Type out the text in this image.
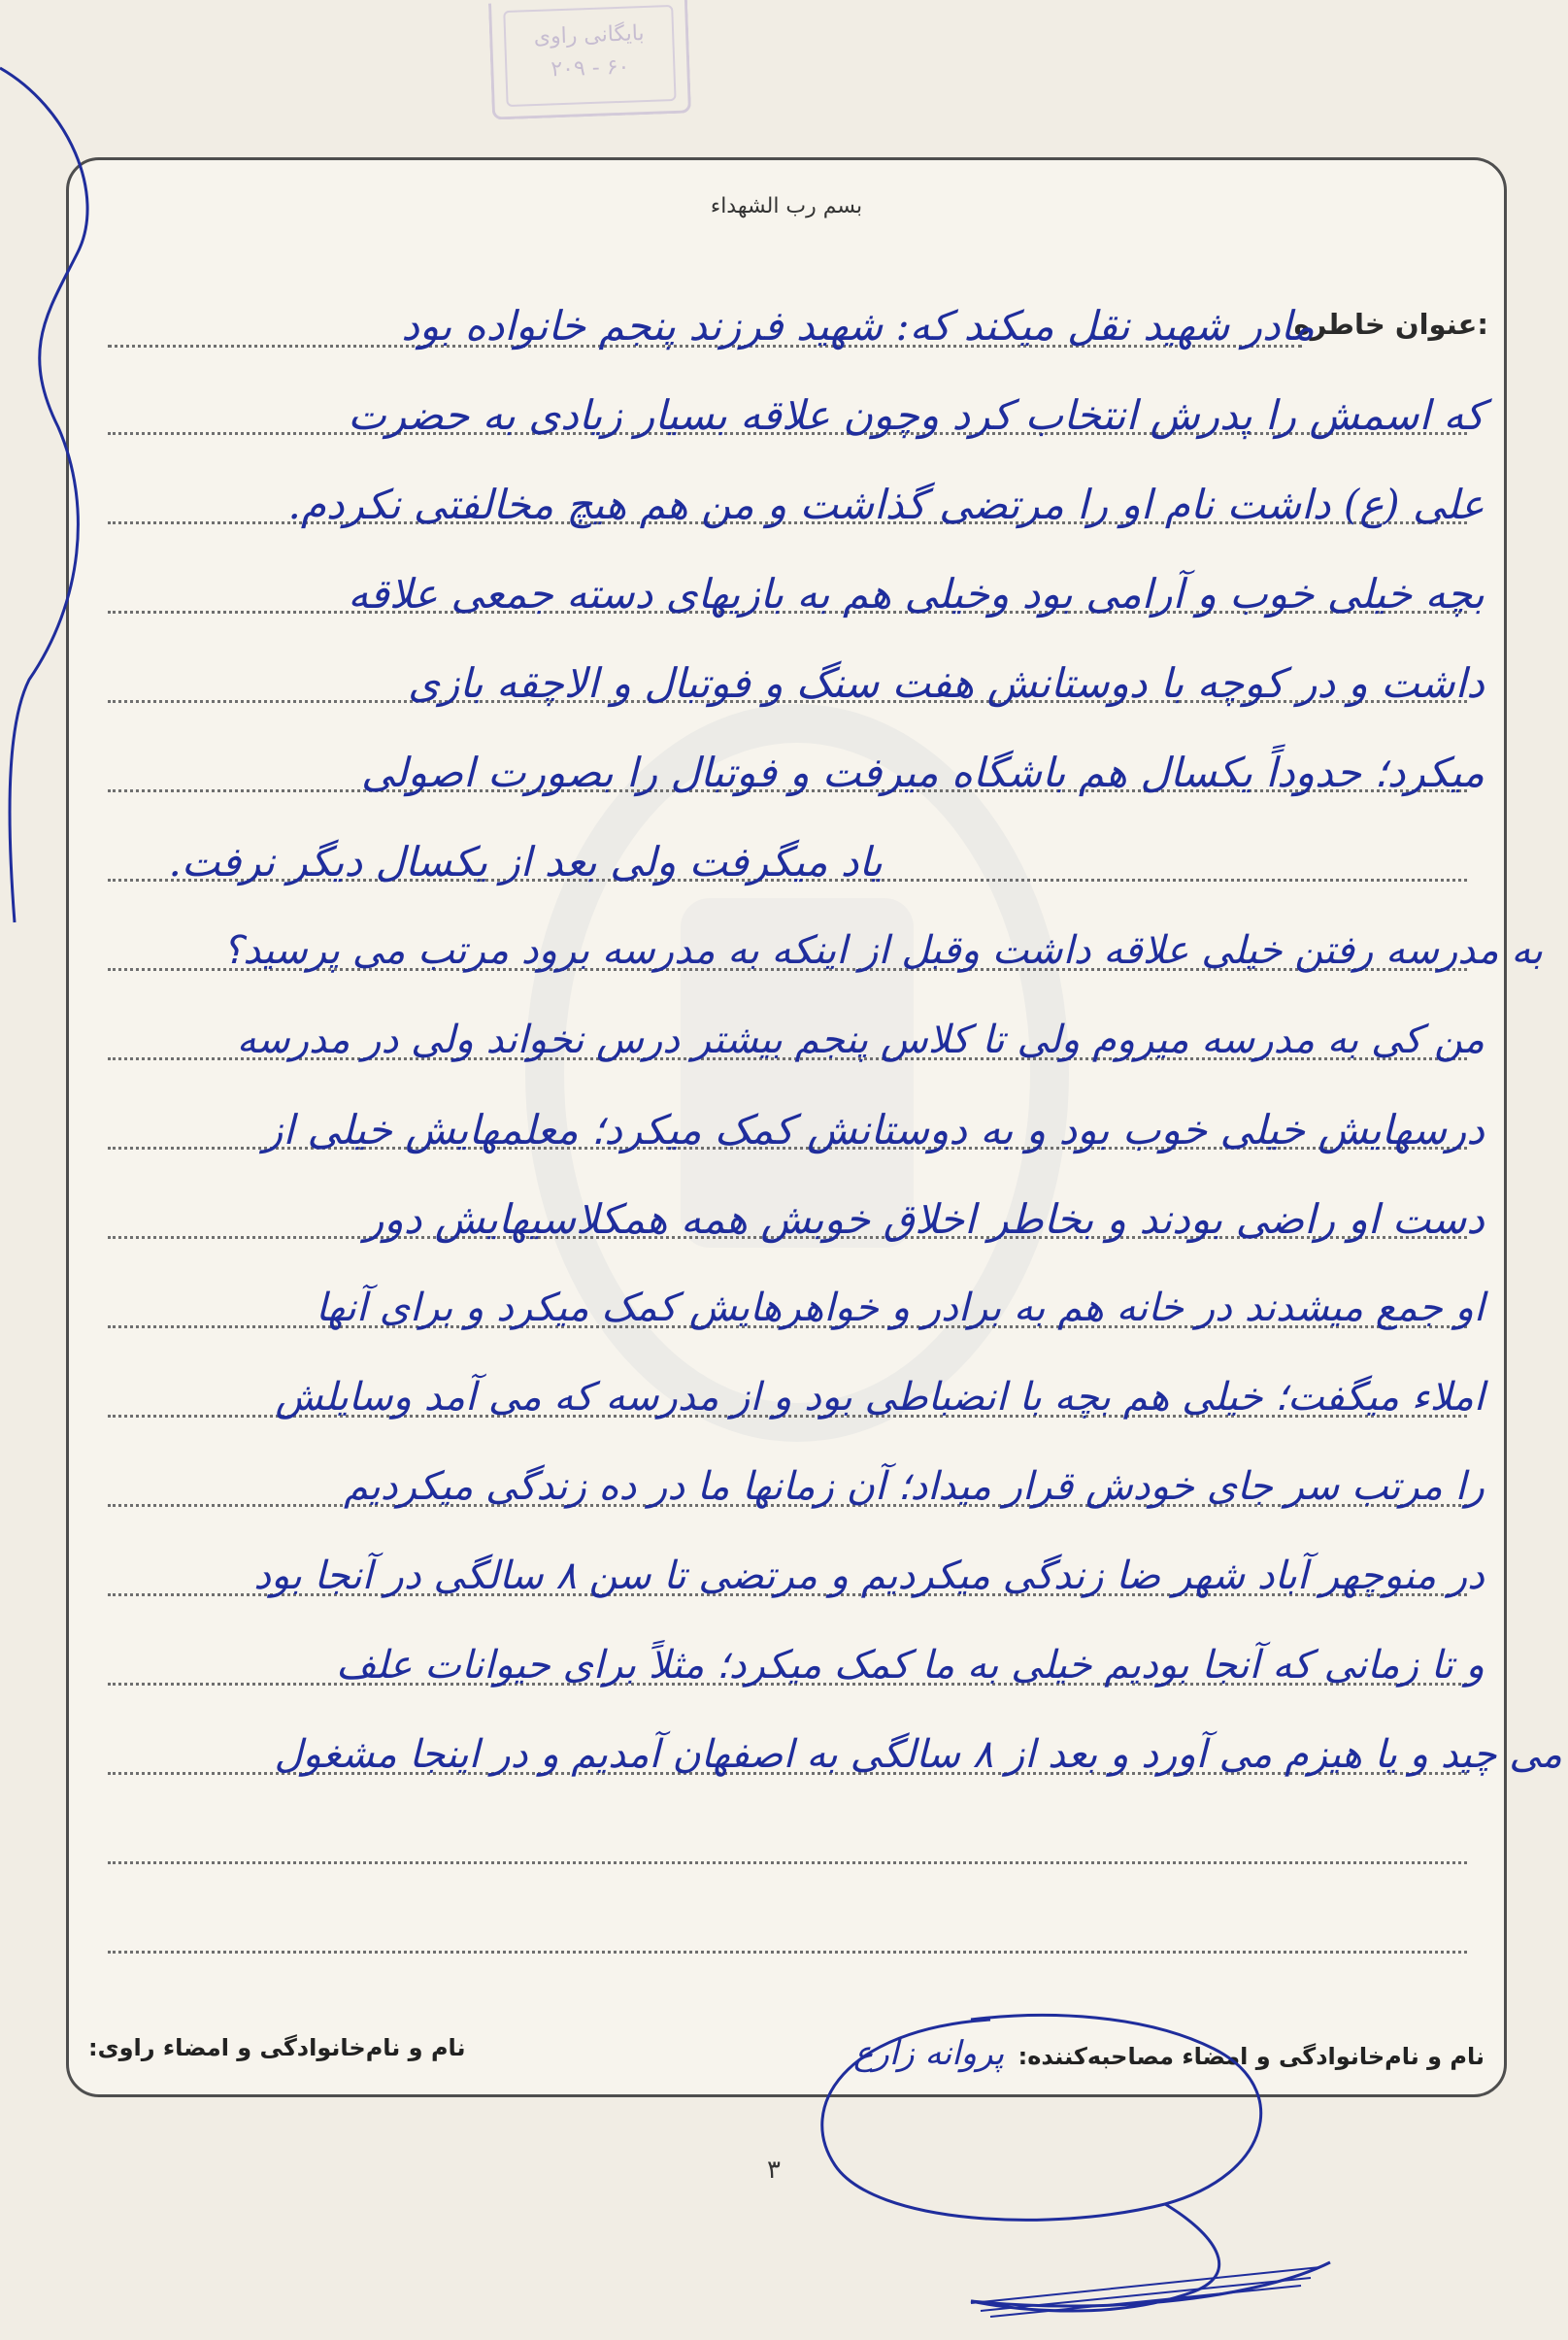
بایگانی راوی
۲۰۹ - ۶۰
بسم رب الشهداء
عنوان خاطره:
مادر شهید نقل میکند که: شهید فرزند پنجم خانواده بود
که اسمش را پدرش انتخاب کرد وچون علاقه بسیار زیادی به حضرت
علی (ع) داشت نام او را مرتضی گذاشت و من هم هیچ مخالفتی نکردم.
بچه خیلی خوب و آرامی بود وخیلی هم به بازیهای دسته جمعی علاقه
داشت و در کوچه با دوستانش هفت سنگ و فوتبال و الاچقه بازی
میکرد؛ حدوداً یکسال هم باشگاه میرفت و فوتبال را بصورت اصولی
یاد میگرفت ولی بعد از یکسال دیگر نرفت.
به مدرسه رفتن خیلی علاقه داشت وقبل از اینکه به مدرسه برود مرتب می پرسید؟
من کی به مدرسه میروم ولی تا کلاس پنجم بیشتر درس نخواند ولی در مدرسه
درسهایش خیلی خوب بود و به دوستانش کمک میکرد؛ معلمهایش خیلی از
دست او راضی بودند و بخاطر اخلاق خوبش همه همکلاسیهایش دور
او جمع میشدند در خانه هم به برادر و خواهرهایش کمک میکرد و برای آنها
املاء میگفت؛ خیلی هم بچه با انضباطی بود و از مدرسه که می آمد وسایلش
را مرتب سر جای خودش قرار میداد؛ آن زمانها ما در ده زندگی میکردیم
در منوچهر آباد شهر ضا زندگی میکردیم و مرتضی تا سن ۸ سالگی در آنجا بود
و تا زمانی که آنجا بودیم خیلی به ما کمک میکرد؛ مثلاً برای حیوانات علف
می چید و یا هیزم می آورد و بعد از ۸ سالگی به اصفهان آمدیم و در اینجا مشغول
نام و نام‌خانوادگی و امضاء مصاحبه‌کننده: پروانه زارع
نام و نام‌خانوادگی و امضاء راوی:
۳
